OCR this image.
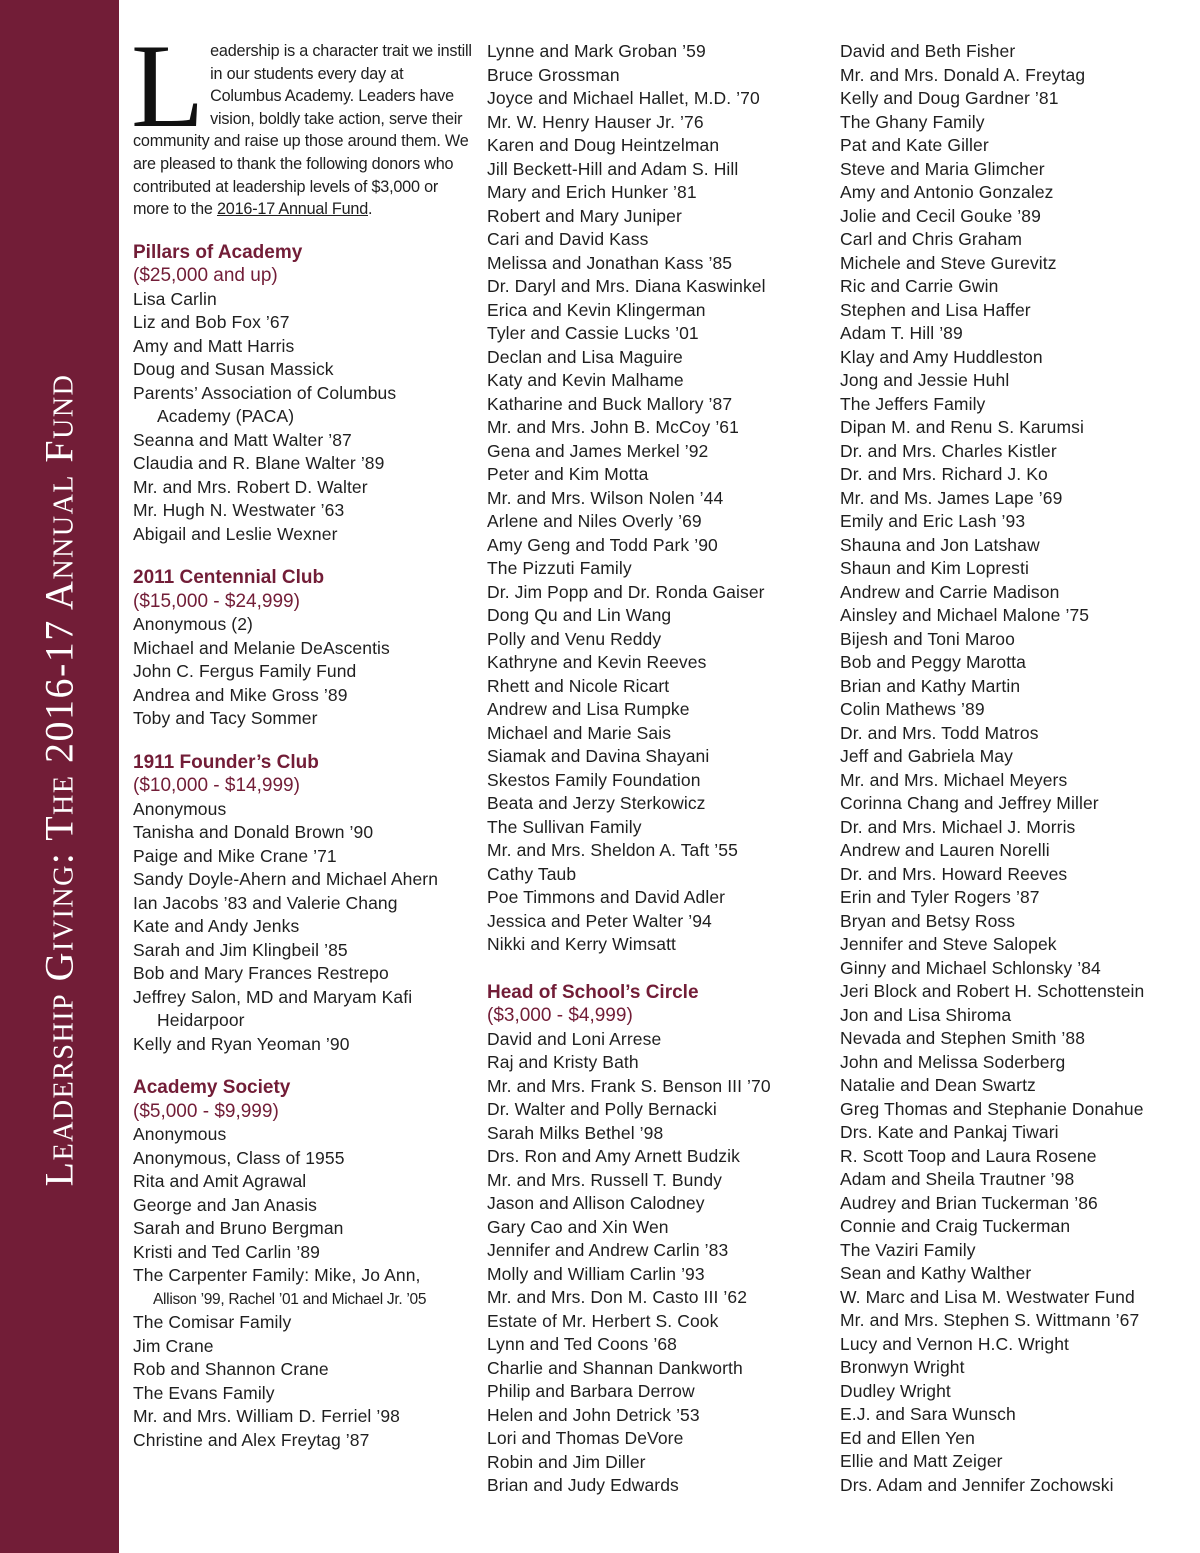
Leadership Giving: The 2016-17 Annual Fund

Leadership is a character trait we instill in our students every day at Columbus Academy. Leaders have vision, boldly take action, serve their community and raise up those around them. We are pleased to thank the following donors who contributed at leadership levels of $3,000 or more to the 2016-17 Annual Fund.

Pillars of Academy
($25,000 and up)
Lisa Carlin
Liz and Bob Fox ’67
Amy and Matt Harris
Doug and Susan Massick
Parents’ Association of Columbus
Academy (PACA)
Seanna and Matt Walter ’87
Claudia and R. Blane Walter ’89
Mr. and Mrs. Robert D. Walter
Mr. Hugh N. Westwater ’63
Abigail and Leslie Wexner
2011 Centennial Club
($15,000 - $24,999)
Anonymous (2)
Michael and Melanie DeAscentis
John C. Fergus Family Fund
Andrea and Mike Gross ’89
Toby and Tacy Sommer
1911 Founder’s Club
($10,000 - $14,999)
Anonymous
Tanisha and Donald Brown ’90
Paige and Mike Crane ’71
Sandy Doyle-Ahern and Michael Ahern
Ian Jacobs ’83 and Valerie Chang
Kate and Andy Jenks
Sarah and Jim Klingbeil ’85
Bob and Mary Frances Restrepo
Jeffrey Salon, MD and Maryam Kafi
Heidarpoor
Kelly and Ryan Yeoman ’90
Academy Society
($5,000 - $9,999)
Anonymous
Anonymous, Class of 1955
Rita and Amit Agrawal
George and Jan Anasis
Sarah and Bruno Bergman
Kristi and Ted Carlin ’89
The Carpenter Family: Mike, Jo Ann,
Allison ’99, Rachel ’01 and Michael Jr. ’05
The Comisar Family
Jim Crane
Rob and Shannon Crane
The Evans Family
Mr. and Mrs. William D. Ferriel ’98
Christine and Alex Freytag ’87
Lynne and Mark Groban ’59
Bruce Grossman
Joyce and Michael Hallet, M.D. ’70
Mr. W. Henry Hauser Jr. ’76
Karen and Doug Heintzelman
Jill Beckett-Hill and Adam S. Hill
Mary and Erich Hunker ’81
Robert and Mary Juniper
Cari and David Kass
Melissa and Jonathan Kass ’85
Dr. Daryl and Mrs. Diana Kaswinkel
Erica and Kevin Klingerman
Tyler and Cassie Lucks ’01
Declan and Lisa Maguire
Katy and Kevin Malhame
Katharine and Buck Mallory ’87
Mr. and Mrs. John B. McCoy ’61
Gena and James Merkel ’92
Peter and Kim Motta
Mr. and Mrs. Wilson Nolen ’44
Arlene and Niles Overly ’69
Amy Geng and Todd Park ’90
The Pizzuti Family
Dr. Jim Popp and Dr. Ronda Gaiser
Dong Qu and Lin Wang
Polly and Venu Reddy
Kathryne and Kevin Reeves
Rhett and Nicole Ricart
Andrew and Lisa Rumpke
Michael and Marie Sais
Siamak and Davina Shayani
Skestos Family Foundation
Beata and Jerzy Sterkowicz
The Sullivan Family
Mr. and Mrs. Sheldon A. Taft ’55
Cathy Taub
Poe Timmons and David Adler
Jessica and Peter Walter ’94
Nikki and Kerry Wimsatt
Head of School’s Circle
($3,000 - $4,999)
David and Loni Arrese
Raj and Kristy Bath
Mr. and Mrs. Frank S. Benson III ’70
Dr. Walter and Polly Bernacki
Sarah Milks Bethel ’98
Drs. Ron and Amy Arnett Budzik
Mr. and Mrs. Russell T. Bundy
Jason and Allison Calodney
Gary Cao and Xin Wen
Jennifer and Andrew Carlin ’83
Molly and William Carlin ’93
Mr. and Mrs. Don M. Casto III ’62
Estate of Mr. Herbert S. Cook
Lynn and Ted Coons ’68
Charlie and Shannan Dankworth
Philip and Barbara Derrow
Helen and John Detrick ’53
Lori and Thomas DeVore
Robin and Jim Diller
Brian and Judy Edwards
David and Beth Fisher
Mr. and Mrs. Donald A. Freytag
Kelly and Doug Gardner ’81
The Ghany Family
Pat and Kate Giller
Steve and Maria Glimcher
Amy and Antonio Gonzalez
Jolie and Cecil Gouke ’89
Carl and Chris Graham
Michele and Steve Gurevitz
Ric and Carrie Gwin
Stephen and Lisa Haffer
Adam T. Hill ’89
Klay and Amy Huddleston
Jong and Jessie Huhl
The Jeffers Family
Dipan M. and Renu S. Karumsi
Dr. and Mrs. Charles Kistler
Dr. and Mrs. Richard J. Ko
Mr. and Ms. James Lape ’69
Emily and Eric Lash ’93
Shauna and Jon Latshaw
Shaun and Kim Lopresti
Andrew and Carrie Madison
Ainsley and Michael Malone ’75
Bijesh and Toni Maroo
Bob and Peggy Marotta
Brian and Kathy Martin
Colin Mathews ’89
Dr. and Mrs. Todd Matros
Jeff and Gabriela May
Mr. and Mrs. Michael Meyers
Corinna Chang and Jeffrey Miller
Dr. and Mrs. Michael J. Morris
Andrew and Lauren Norelli
Dr. and Mrs. Howard Reeves
Erin and Tyler Rogers ’87
Bryan and Betsy Ross
Jennifer and Steve Salopek
Ginny and Michael Schlonsky ’84
Jeri Block and Robert H. Schottenstein
Jon and Lisa Shiroma
Nevada and Stephen Smith ’88
John and Melissa Soderberg
Natalie and Dean Swartz
Greg Thomas and Stephanie Donahue
Drs. Kate and Pankaj Tiwari
R. Scott Toop and Laura Rosene
Adam and Sheila Trautner ’98
Audrey and Brian Tuckerman ’86
Connie and Craig Tuckerman
The Vaziri Family
Sean and Kathy Walther
W. Marc and Lisa M. Westwater Fund
Mr. and Mrs. Stephen S. Wittmann ’67
Lucy and Vernon H.C. Wright
Bronwyn Wright
Dudley Wright
E.J. and Sara Wunsch
Ed and Ellen Yen
Ellie and Matt Zeiger
Drs. Adam and Jennifer Zochowski
